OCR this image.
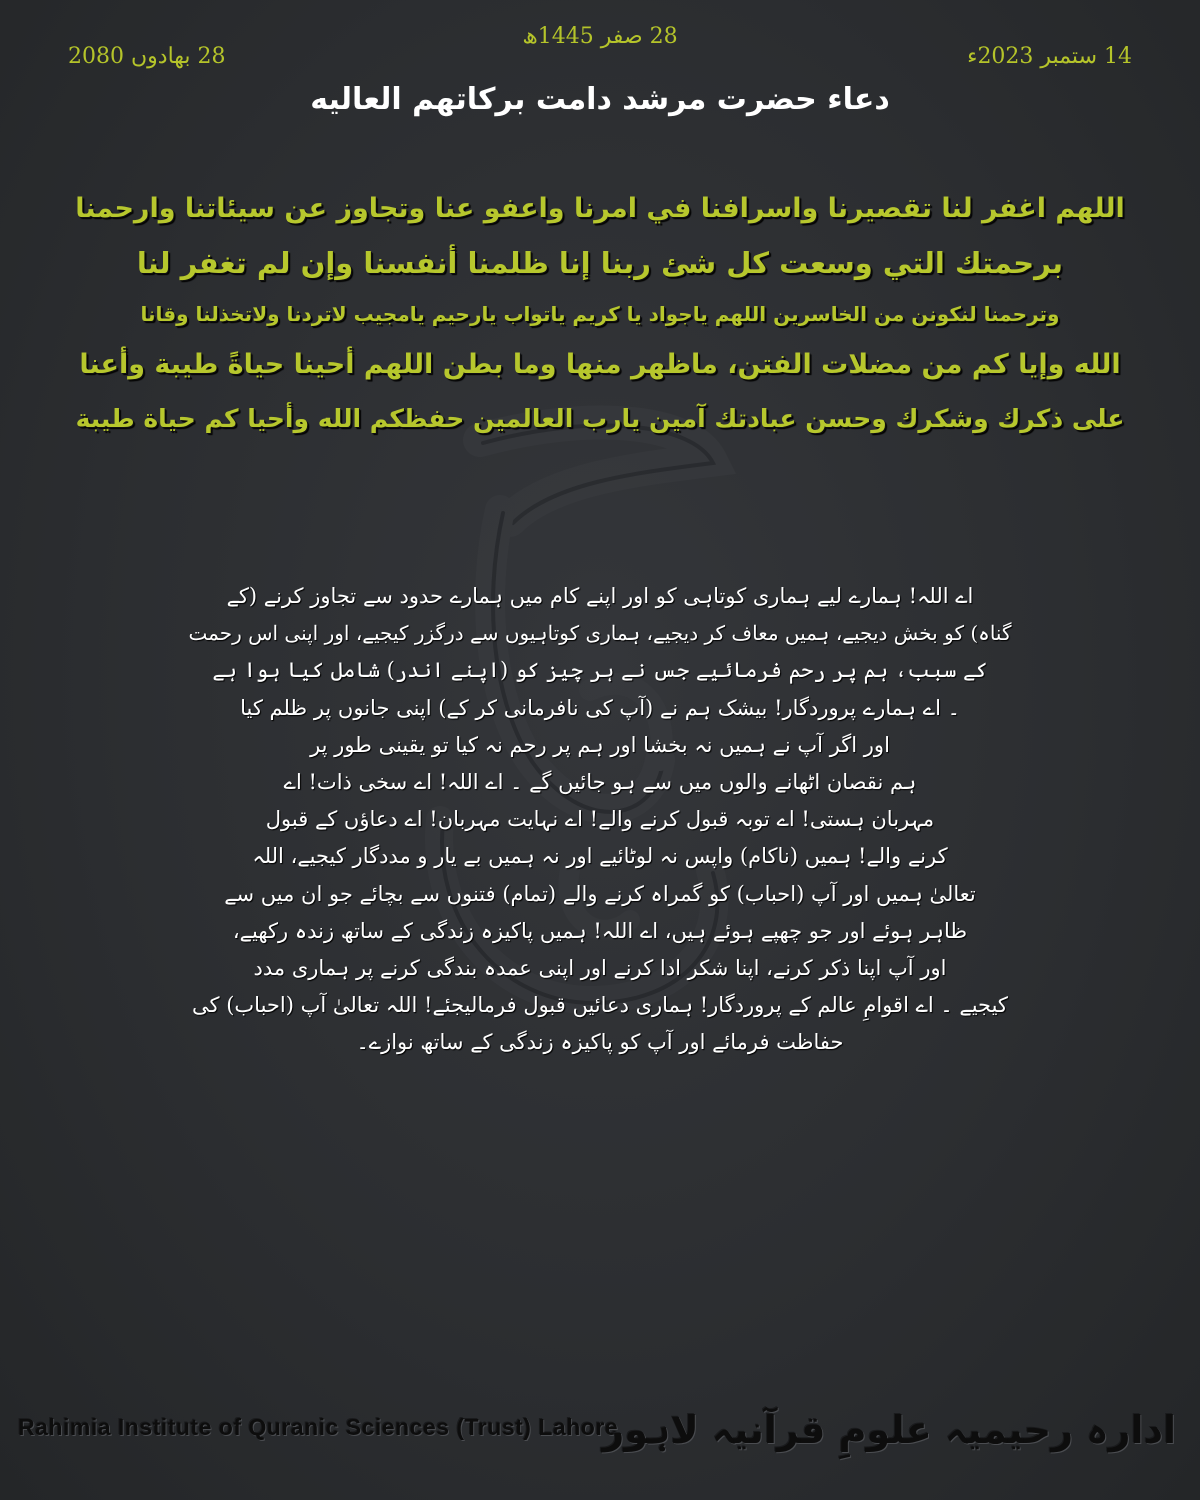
28 صفر 1445ھ
28 بھادوں 2080	14 ستمبر 2023ء
دعاء حضرت مرشد دامت برکاتهم العاليه
اللهم اغفر لنا تقصيرنا واسرافنا في امرنا واعفو عنا وتجاوز عن سيئاتنا وارحمنا
برحمتك التي وسعت كل شئ ربنا إنا ظلمنا أنفسنا وإن لم تغفر لنا
وترحمنا لنكونن من الخاسرين اللهم ياجواد يا كريم ياتواب يارحيم يامجيب لاتردنا ولاتخذلنا وقانا
الله وإيا كم من مضلات الفتن، ماظهر منها وما بطن اللهم أحينا حياةً طيبة وأعنا
على ذكرك وشكرك وحسن عبادتك آمين يارب العالمين حفظكم الله وأحيا كم حياة طيبة
اے اللہ! ہمارے لیے ہماری کوتاہی کو اور اپنے کام میں ہمارے حدود سے تجاوز کرنے (کے
گناہ) کو بخش دیجیے، ہمیں معاف کر دیجیے، ہماری کوتاہیوں سے درگزر کیجیے، اور اپنی اس رحمت
کے سبب، ہم پر رحم فرمائیے جس نے ہر چیز کو (اپنے اندر) شامل کیا ہوا ہے
۔ اے ہمارے پروردگار! بیشک ہم نے (آپ کی نافرمانی کر کے) اپنی جانوں پر ظلم کیا
اور اگر آپ نے ہمیں نہ بخشا اور ہم پر رحم نہ کیا تو یقینی طور پر
ہم نقصان اٹھانے والوں میں سے ہو جائیں گے ۔ اے اللہ! اے سخی ذات! اے
مہربان ہستی! اے توبہ قبول کرنے والے! اے نہایت مہربان! اے دعاؤں کے قبول
کرنے والے! ہمیں (ناکام) واپس نہ لوٹائیے اور نہ ہمیں بے یار و مددگار کیجیے، اللہ
تعالیٰ ہمیں اور آپ (احباب) کو گمراہ کرنے والے (تمام) فتنوں سے بچائے جو ان میں سے
ظاہر ہوئے اور جو چھپے ہوئے ہیں، اے اللہ! ہمیں پاکیزہ زندگی کے ساتھ زندہ رکھیے،
اور آپ اپنا ذکر کرنے، اپنا شکر ادا کرنے اور اپنی عمدہ بندگی کرنے پر ہماری مدد
کیجیے ۔ اے اقوامِ عالم کے پروردگار! ہماری دعائیں قبول فرمالیجئے! اللہ تعالیٰ آپ (احباب) کی
حفاظت فرمائے اور آپ کو پاکیزہ زندگی کے ساتھ نوازے۔
Rahimia Institute of Quranic Sciences (Trust) Lahore
ادارہ رحیمیہ علومِ قرآنیہ لاہور
